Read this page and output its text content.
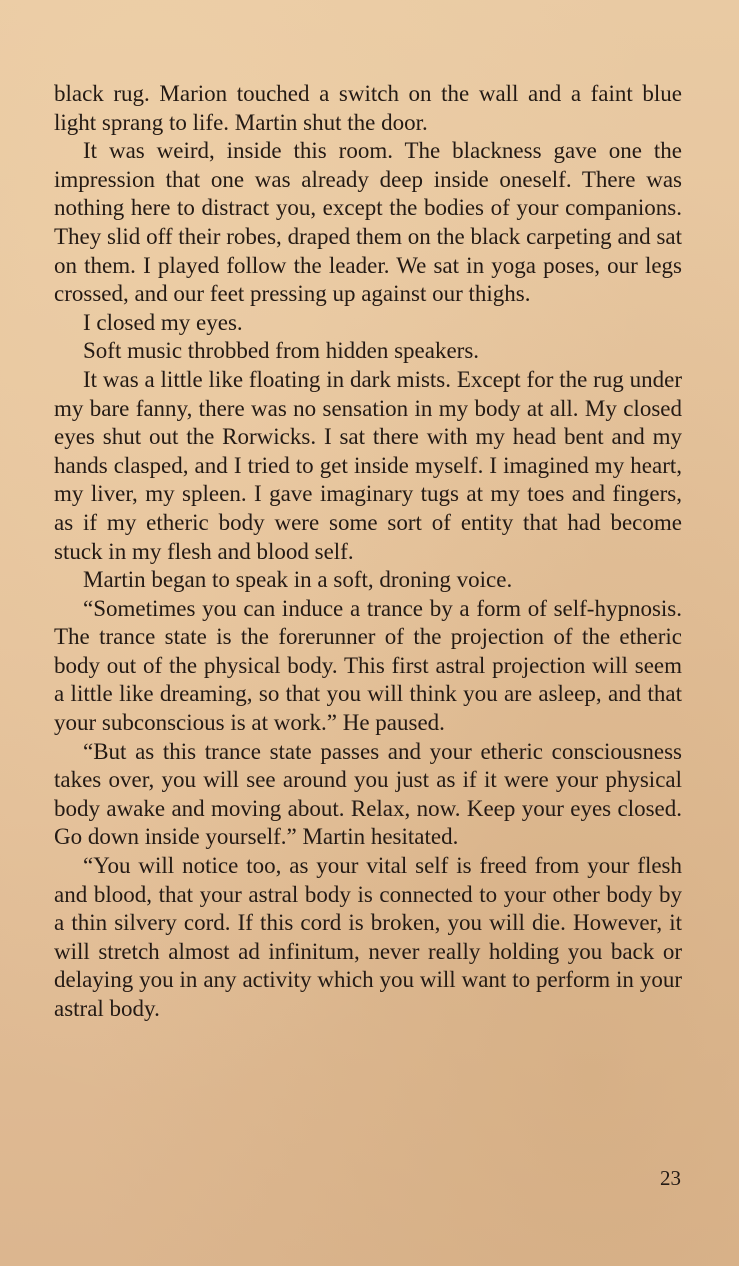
black rug. Marion touched a switch on the wall and a faint blue light sprang to life. Martin shut the door.

It was weird, inside this room. The blackness gave one the impression that one was already deep inside oneself. There was nothing here to distract you, except the bodies of your companions. They slid off their robes, draped them on the black carpeting and sat on them. I played follow the leader. We sat in yoga poses, our legs crossed, and our feet pressing up against our thighs.

I closed my eyes.

Soft music throbbed from hidden speakers.

It was a little like floating in dark mists. Except for the rug under my bare fanny, there was no sensation in my body at all. My closed eyes shut out the Rorwicks. I sat there with my head bent and my hands clasped, and I tried to get inside myself. I imagined my heart, my liver, my spleen. I gave imaginary tugs at my toes and fingers, as if my etheric body were some sort of entity that had become stuck in my flesh and blood self.

Martin began to speak in a soft, droning voice.

“Sometimes you can induce a trance by a form of self-hypnosis. The trance state is the forerunner of the projection of the etheric body out of the physical body. This first astral projection will seem a little like dreaming, so that you will think you are asleep, and that your subconscious is at work.” He paused.

“But as this trance state passes and your etheric consciousness takes over, you will see around you just as if it were your physical body awake and moving about. Relax, now. Keep your eyes closed. Go down inside yourself.” Martin hesitated.

“You will notice too, as your vital self is freed from your flesh and blood, that your astral body is connected to your other body by a thin silvery cord. If this cord is broken, you will die. However, it will stretch almost ad infinitum, never really holding you back or delaying you in any activity which you will want to perform in your astral body.

23
